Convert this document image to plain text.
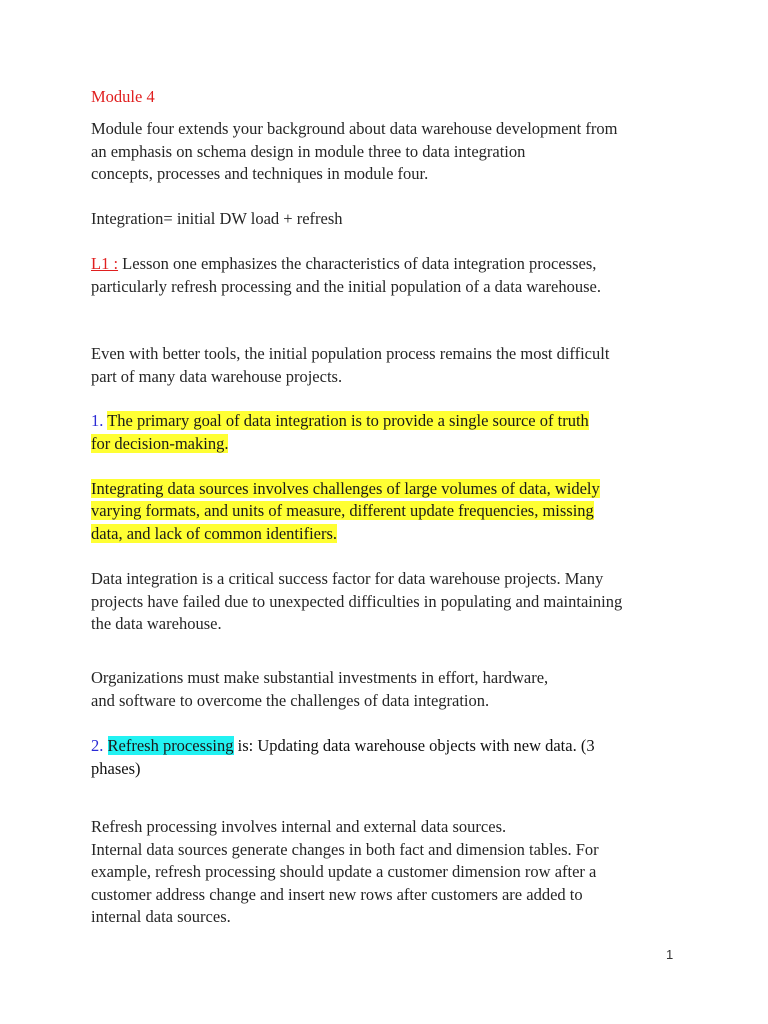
Module 4
Module four extends your background about data warehouse development from
an emphasis on schema design in module three to data integration
concepts, processes and techniques in module four.
Integration= initial DW load + refresh
L1 : Lesson one emphasizes the characteristics of data integration processes,
particularly refresh processing and the initial population of a data warehouse.
Even with better tools, the initial population process remains the most difficult
part of many data warehouse projects.
1. The primary goal of data integration is to provide a single source of truth
for decision-making.
Integrating data sources involves challenges of large volumes of data, widely
varying formats, and units of measure, different update frequencies, missing
data, and lack of common identifiers.
Data integration is a critical success factor for data warehouse projects. Many
projects have failed due to unexpected difficulties in populating and maintaining
the data warehouse.
Organizations must make substantial investments in effort, hardware,
and software to overcome the challenges of data integration.
2. Refresh processing is: Updating data warehouse objects with new data. (3
phases)
Refresh processing involves internal and external data sources.
Internal data sources generate changes in both fact and dimension tables. For
example, refresh processing should update a customer dimension row after a
customer address change and insert new rows after customers are added to
internal data sources.
1
